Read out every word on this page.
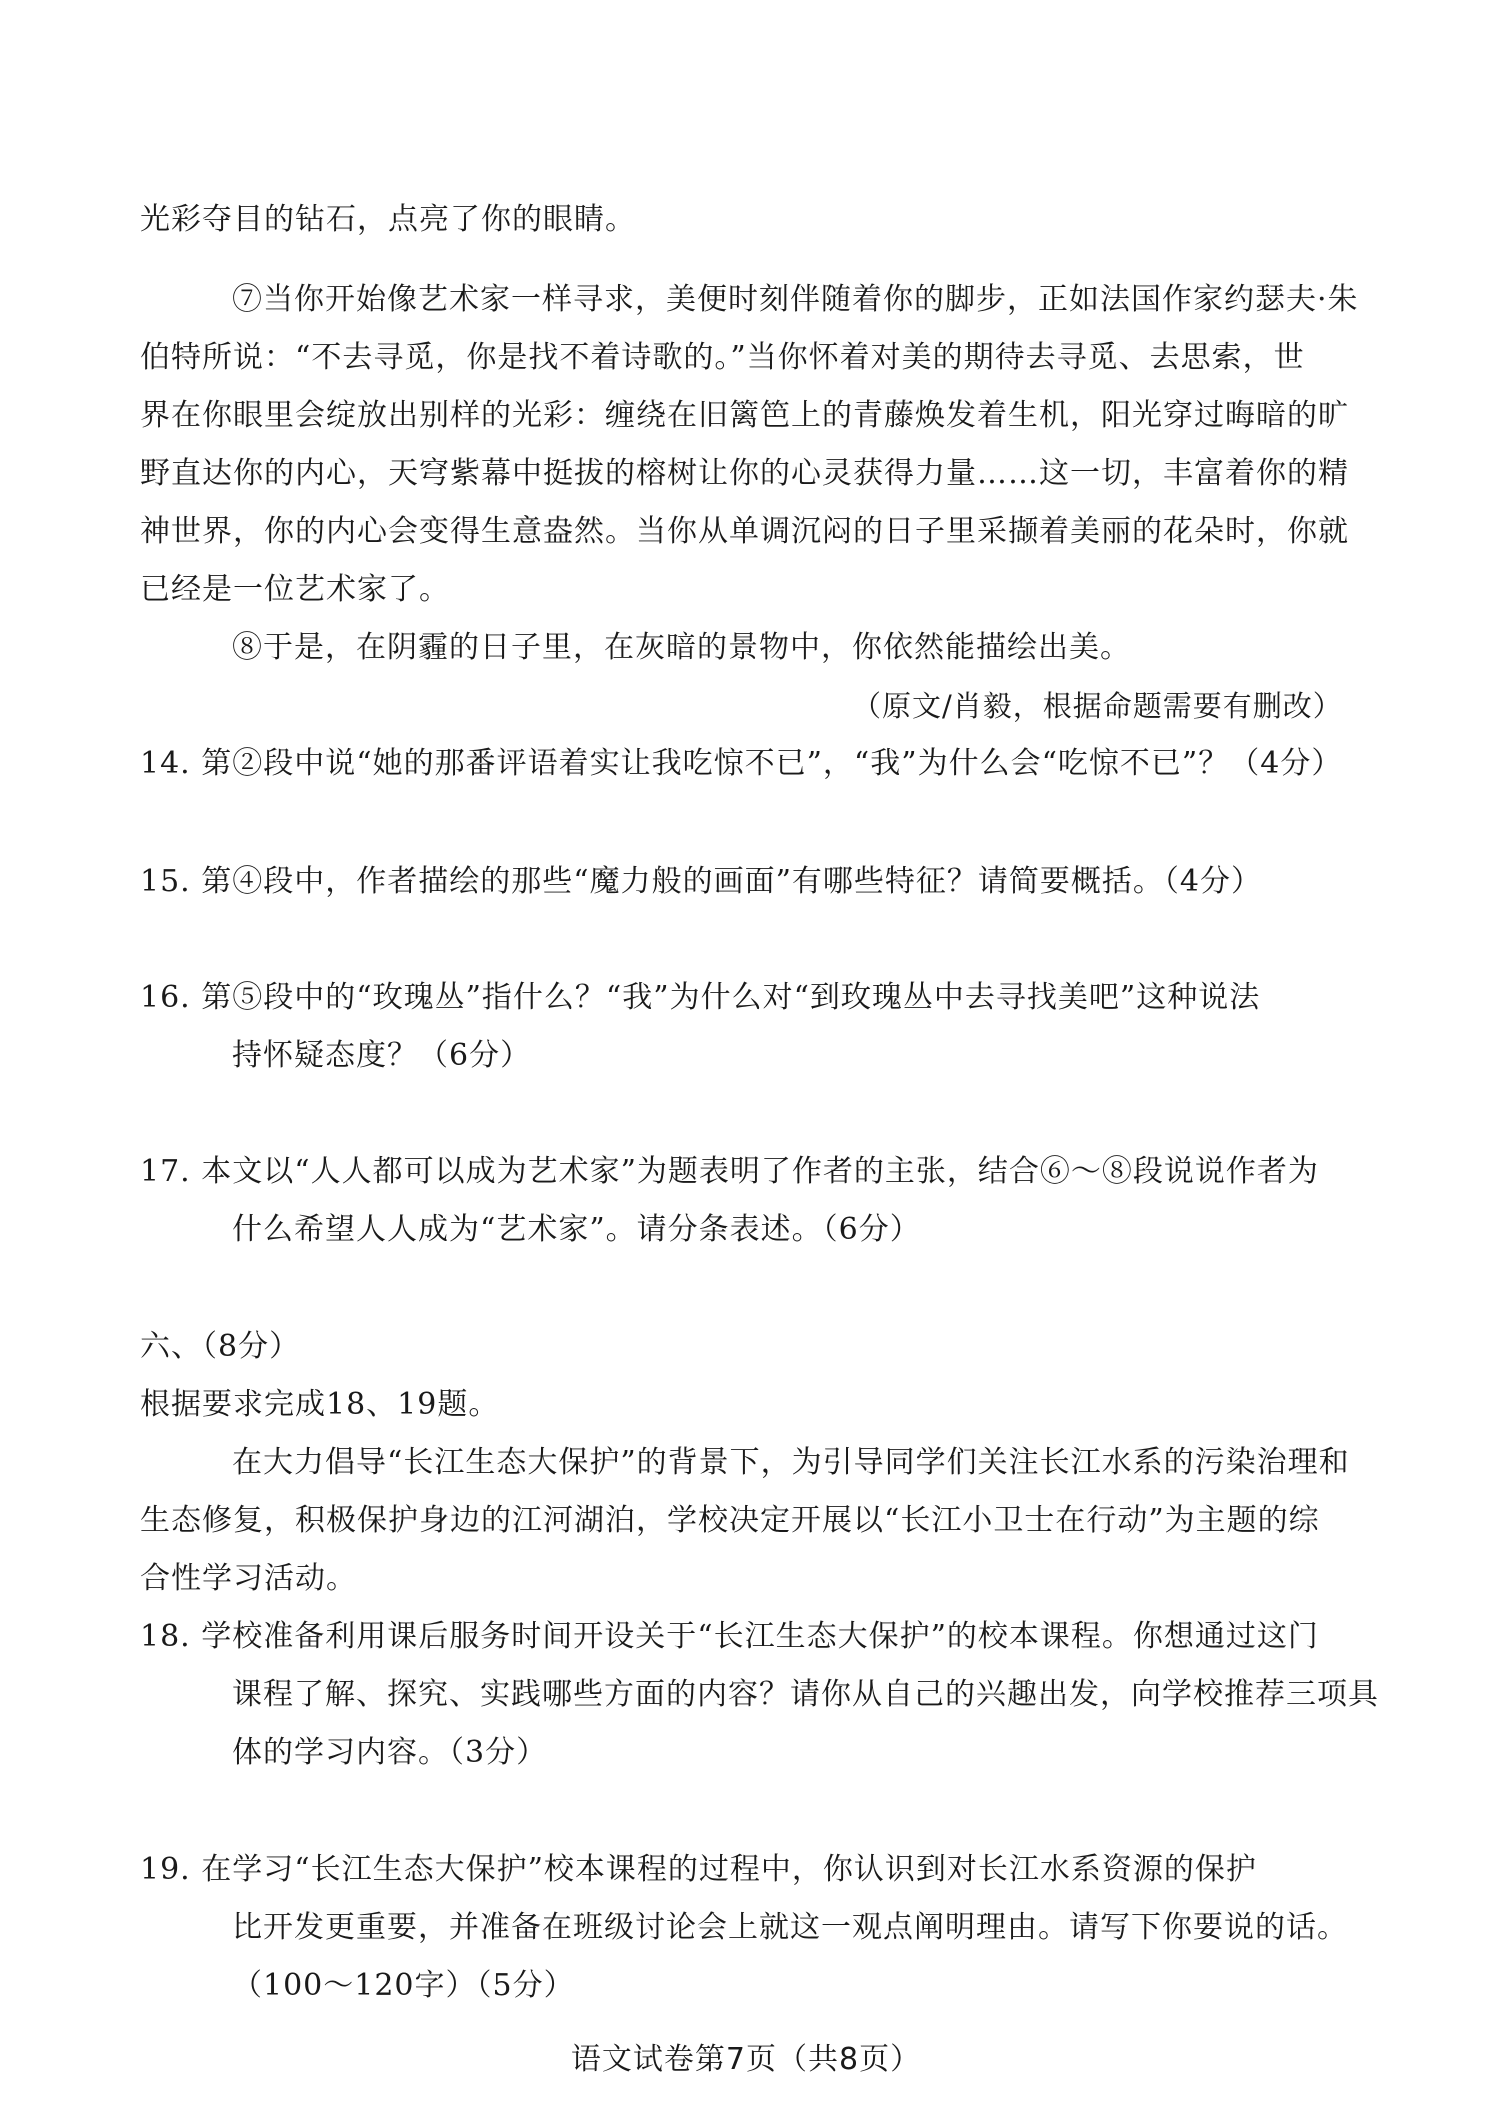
光彩夺目的钻石，点亮了你的眼睛。
⑦当你开始像艺术家一样寻求，美便时刻伴随着你的脚步，正如法国作家约瑟夫·朱
伯特所说：“不去寻觅，你是找不着诗歌的。”当你怀着对美的期待去寻觅、去思索，世
界在你眼里会绽放出别样的光彩：缠绕在旧篱笆上的青藤焕发着生机，阳光穿过晦暗的旷
野直达你的内心，天穹紫幕中挺拔的榕树让你的心灵获得力量……这一切，丰富着你的精
神世界，你的内心会变得生意盎然。当你从单调沉闷的日子里采撷着美丽的花朵时，你就
已经是一位艺术家了。
⑧于是，在阴霾的日子里，在灰暗的景物中，你依然能描绘出美。
（原文/肖毅，根据命题需要有删改）
14. 第②段中说“她的那番评语着实让我吃惊不已”，“我”为什么会“吃惊不已”？（4分）
15. 第④段中，作者描绘的那些“魔力般的画面”有哪些特征？请简要概括。（4分）
16. 第⑤段中的“玫瑰丛”指什么？“我”为什么对“到玫瑰丛中去寻找美吧”这种说法
持怀疑态度？（6分）
17. 本文以“人人都可以成为艺术家”为题表明了作者的主张，结合⑥～⑧段说说作者为
什么希望人人成为“艺术家”。请分条表述。（6分）
六、（8分）
根据要求完成18、19题。
在大力倡导“长江生态大保护”的背景下，为引导同学们关注长江水系的污染治理和
生态修复，积极保护身边的江河湖泊，学校决定开展以“长江小卫士在行动”为主题的综
合性学习活动。
18. 学校准备利用课后服务时间开设关于“长江生态大保护”的校本课程。你想通过这门
课程了解、探究、实践哪些方面的内容？请你从自己的兴趣出发，向学校推荐三项具
体的学习内容。（3分）
19. 在学习“长江生态大保护”校本课程的过程中，你认识到对长江水系资源的保护
比开发更重要，并准备在班级讨论会上就这一观点阐明理由。请写下你要说的话。
（100～120字）（5分）
语文试卷第7页（共8页）
